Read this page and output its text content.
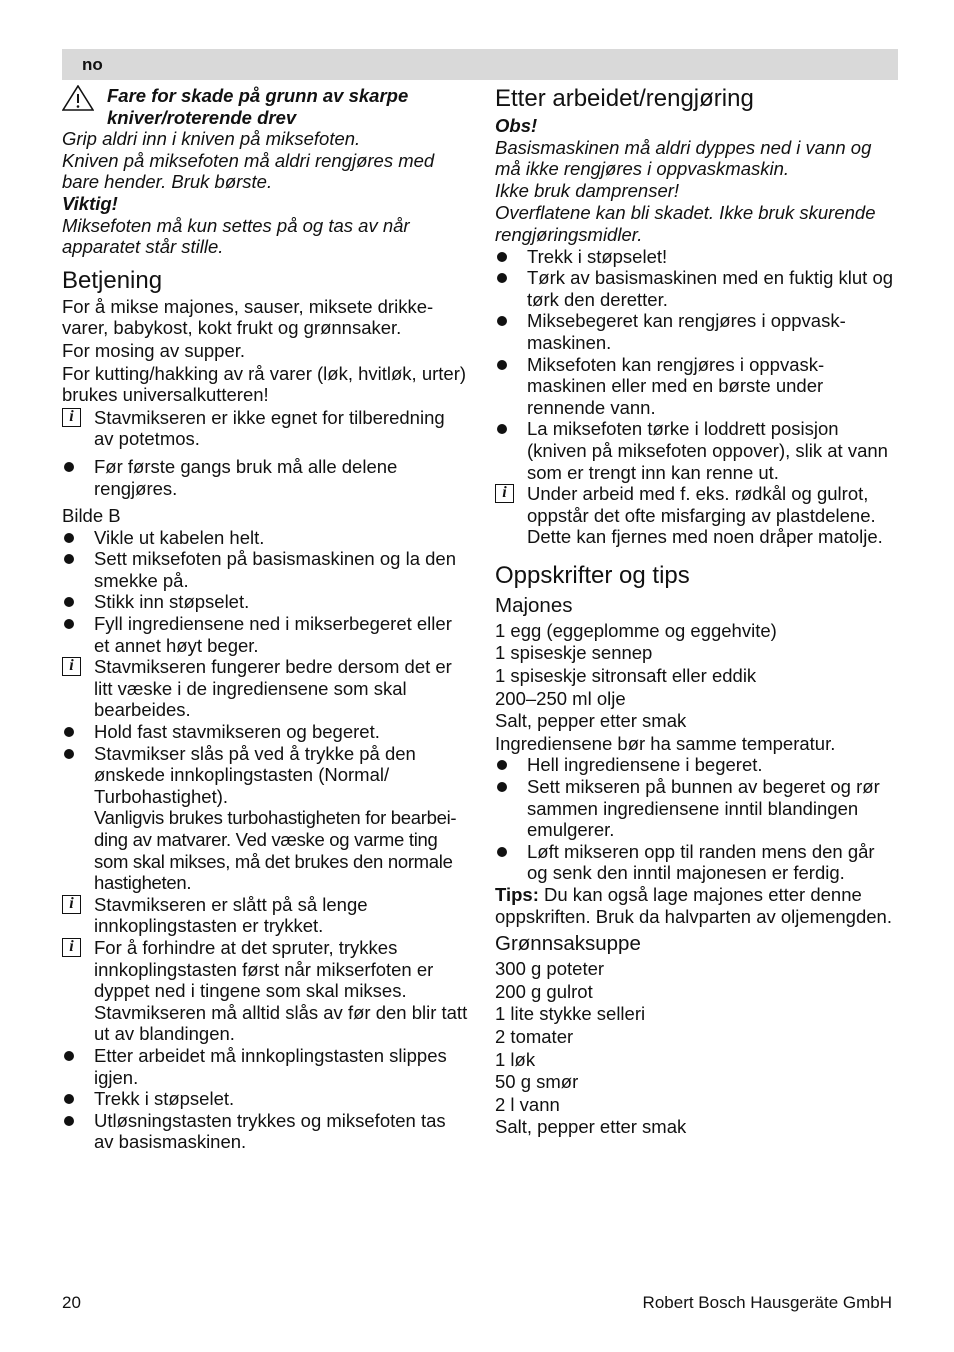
no

Fare for skade på grunn av skarpe kniver/roterende drev

Grip aldri inn i kniven på miksefoten.

Kniven på miksefoten må aldri rengjøres med bare hender. Bruk børste.

Viktig!

Miksefoten må kun settes på og tas av når apparatet står stille.

Betjening

For å mikse majones, sauser, miksete drikke-varer, babykost, kokt frukt og grønnsaker.

For mosing av supper.

For kutting/hakking av rå varer (løk, hvitløk, urter) brukes universalkutteren!

i	Stavmikseren er ikke egnet for tilberedning av potetmos.
Før første gangs bruk må alle delene rengjøres.

Bilde B

Vikle ut kabelen helt.
Sett miksefoten på basismaskinen og la den smekke på.
Stikk inn støpselet.
Fyll ingrediensene ned i mikserbegeret eller et annet høyt beger.
i	Stavmikseren fungerer bedre dersom det er litt væske i de ingrediensene som skal bearbeides.
Hold fast stavmikseren og begeret.
Stavmikser slås på ved å trykke på den ønskede innkoplingstasten (Normal/ Turbohastighet).
Vanligvis brukes turbohastigheten for bearbei-ding av matvarer. Ved væske og varme ting som skal mikses, må det brukes den normale hastigheten.
i	Stavmikseren er slått på så lenge innkoplingstasten er trykket.
i	For å forhindre at det spruter, trykkes innkoplingstasten først når mikserfoten er dyppet ned i tingene som skal mikses. Stavmikseren må alltid slås av før den blir tatt ut av blandingen.
Etter arbeidet må innkoplingstasten slippes igjen.
Trekk i støpselet.
Utløsningstasten trykkes og miksefoten tas av basismaskinen.
Etter arbeidet/rengjøring

Obs!

Basismaskinen må aldri dyppes ned i vann og må ikke rengjøres i oppvaskmaskin.

Ikke bruk damprenser!

Overflatene kan bli skadet. Ikke bruk skurende rengjøringsmidler.

Trekk i støpselet!
Tørk av basismaskinen med en fuktig klut og tørk den deretter.
Miksebegeret kan rengjøres i oppvask-maskinen.
Miksefoten kan rengjøres i oppvask-maskinen eller med en børste under rennende vann.
La miksefoten tørke i loddrett posisjon (kniven på miksefoten oppover), slik at vann som er trengt inn kan renne ut.
i	Under arbeid med f. eks. rødkål og gulrot, oppstår det ofte misfarging av plastdelene. Dette kan fjernes med noen dråper matolje.
Oppskrifter og tips
Majones

1 egg (eggeplomme og eggehvite)

1 spiseskje sennep

1 spiseskje sitronsaft eller eddik

200–250 ml olje

Salt, pepper etter smak

Ingrediensene bør ha samme temperatur.

Hell ingrediensene i begeret.
Sett mikseren på bunnen av begeret og rør sammen ingrediensene inntil blandingen emulgerer.
Løft mikseren opp til randen mens den går og senk den inntil majonesen er ferdig.

Tips: Du kan også lage majones etter denne oppskriften. Bruk da halvparten av oljemengden.

Grønnsaksuppe

300 g poteter

200 g gulrot

1 lite stykke selleri

2 tomater

1 løk

50 g smør

2 l vann

Salt, pepper etter smak

20	Robert Bosch Hausgeräte GmbH
